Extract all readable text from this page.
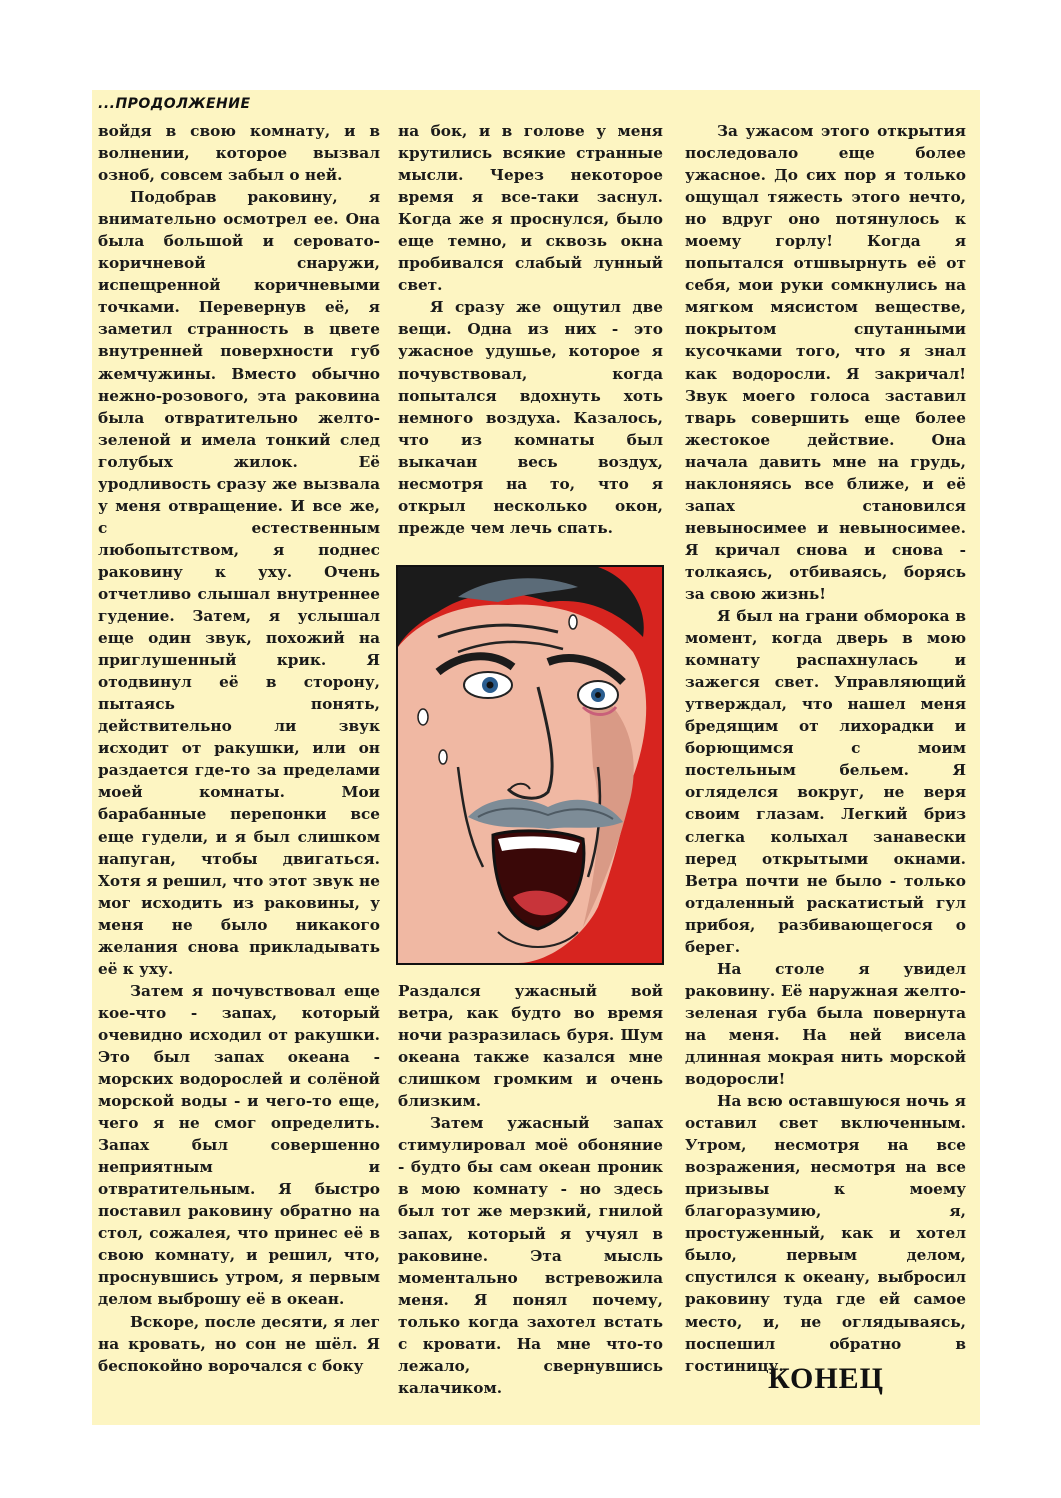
...ПРОДОЛЖЕНИЕ

войдя в свою комнату, и в волнении, которое вызвал озноб, совсем забыл о ней.

Подобрав раковину, я внимательно осмотрел ее. Она была большой и серовато-коричневой снаружи, испещренной коричневыми точками. Перевернув её, я заметил странность в цвете внутренней поверхности губ жемчужины. Вместо обычно нежно-розового, эта раковина была отвратительно желто-зеленой и имела тонкий след голубых жилок. Её уродливость сразу же вызвала у меня отвращение. И все же, с естественным любопытством, я поднес раковину к уху. Очень отчетливо слышал внутреннее гудение. Затем, я услышал еще один звук, похожий на приглушенный крик. Я отодвинул её в сторону, пытаясь понять, действительно ли звук исходит от ракушки, или он раздается где-то за пределами моей комнаты. Мои барабанные перепонки все еще гудели, и я был слишком напуган, чтобы двигаться. Хотя я решил, что этот звук не мог исходить из раковины, у меня не было никакого желания снова прикладывать её к уху.

Затем я почувствовал еще кое-что - запах, который очевидно исходил от ракушки. Это был запах океана - морских водорослей и солёной морской воды - и чего-то еще, чего я не смог определить. Запах был совершенно неприятным и отвратительным. Я быстро поставил раковину обратно на стол, сожалея, что принес её в свою комнату, и решил, что, проснувшись утром, я первым делом выброшу её в океан.

Вскоре, после десяти, я лег на кровать, но сон не шёл. Я беспокойно ворочался с боку

на бок, и в голове у меня крутились всякие странные мысли. Через некоторое время я все-таки заснул. Когда же я проснулся, было еще темно, и сквозь окна пробивался слабый лунный свет.

Я сразу же ощутил две вещи. Одна из них - это ужасное удушье, которое я почувствовал, когда попытался вдохнуть хоть немного воздуха. Казалось, что из комнаты был выкачан весь воздух, несмотря на то, что я открыл несколько окон, прежде чем лечь спать.

Раздался ужасный вой ветра, как будто во время ночи разразилась буря. Шум океана также казался мне слишком громким и очень близким.

Затем ужасный запах стимулировал моё обоняние - будто бы сам океан проник в мою комнату - но здесь был тот же мерзкий, гнилой запах, который я учуял в раковине. Эта мысль моментально встревожила меня. Я понял почему, только когда захотел встать с кровати. На мне что-то лежало, свернувшись калачиком.

За ужасом этого открытия последовало еще более ужасное. До сих пор я только ощущал тяжесть этого нечто, но вдруг оно потянулось к моему горлу! Когда я попытался отшвырнуть её от себя, мои руки сомкнулись на мягком мясистом веществе, покрытом спутанными кусочками того, что я знал как водоросли. Я закричал! Звук моего голоса заставил тварь совершить еще более жестокое действие. Она начала давить мне на грудь, наклоняясь все ближе, и её запах становился невыносимее и невыносимее. Я кричал снова и снова - толкаясь, отбиваясь, борясь за свою жизнь!

Я был на грани обморока в момент, когда дверь в мою комнату распахнулась и зажегся свет. Управляющий утверждал, что нашел меня бредящим от лихорадки и борющимся с моим постельным бельем. Я огляделся вокруг, не веря своим глазам. Легкий бриз слегка колыхал занавески перед открытыми окнами. Ветра почти не было - только отдаленный раскатистый гул прибоя, разбивающегося о берег.

На столе я увидел раковину. Её наружная желто-зеленая губа была повернута на меня. На ней висела длинная мокрая нить морской водоросли!

На всю оставшуюся ночь я оставил свет включенным. Утром, несмотря на все возражения, несмотря на все призывы к моему благоразумию, я, простуженный, как и хотел было, первым делом, спустился к океану, выбросил раковину туда где ей самое место, и, не оглядываясь, поспешил обратно в гостиницу.

КОНЕЦ
